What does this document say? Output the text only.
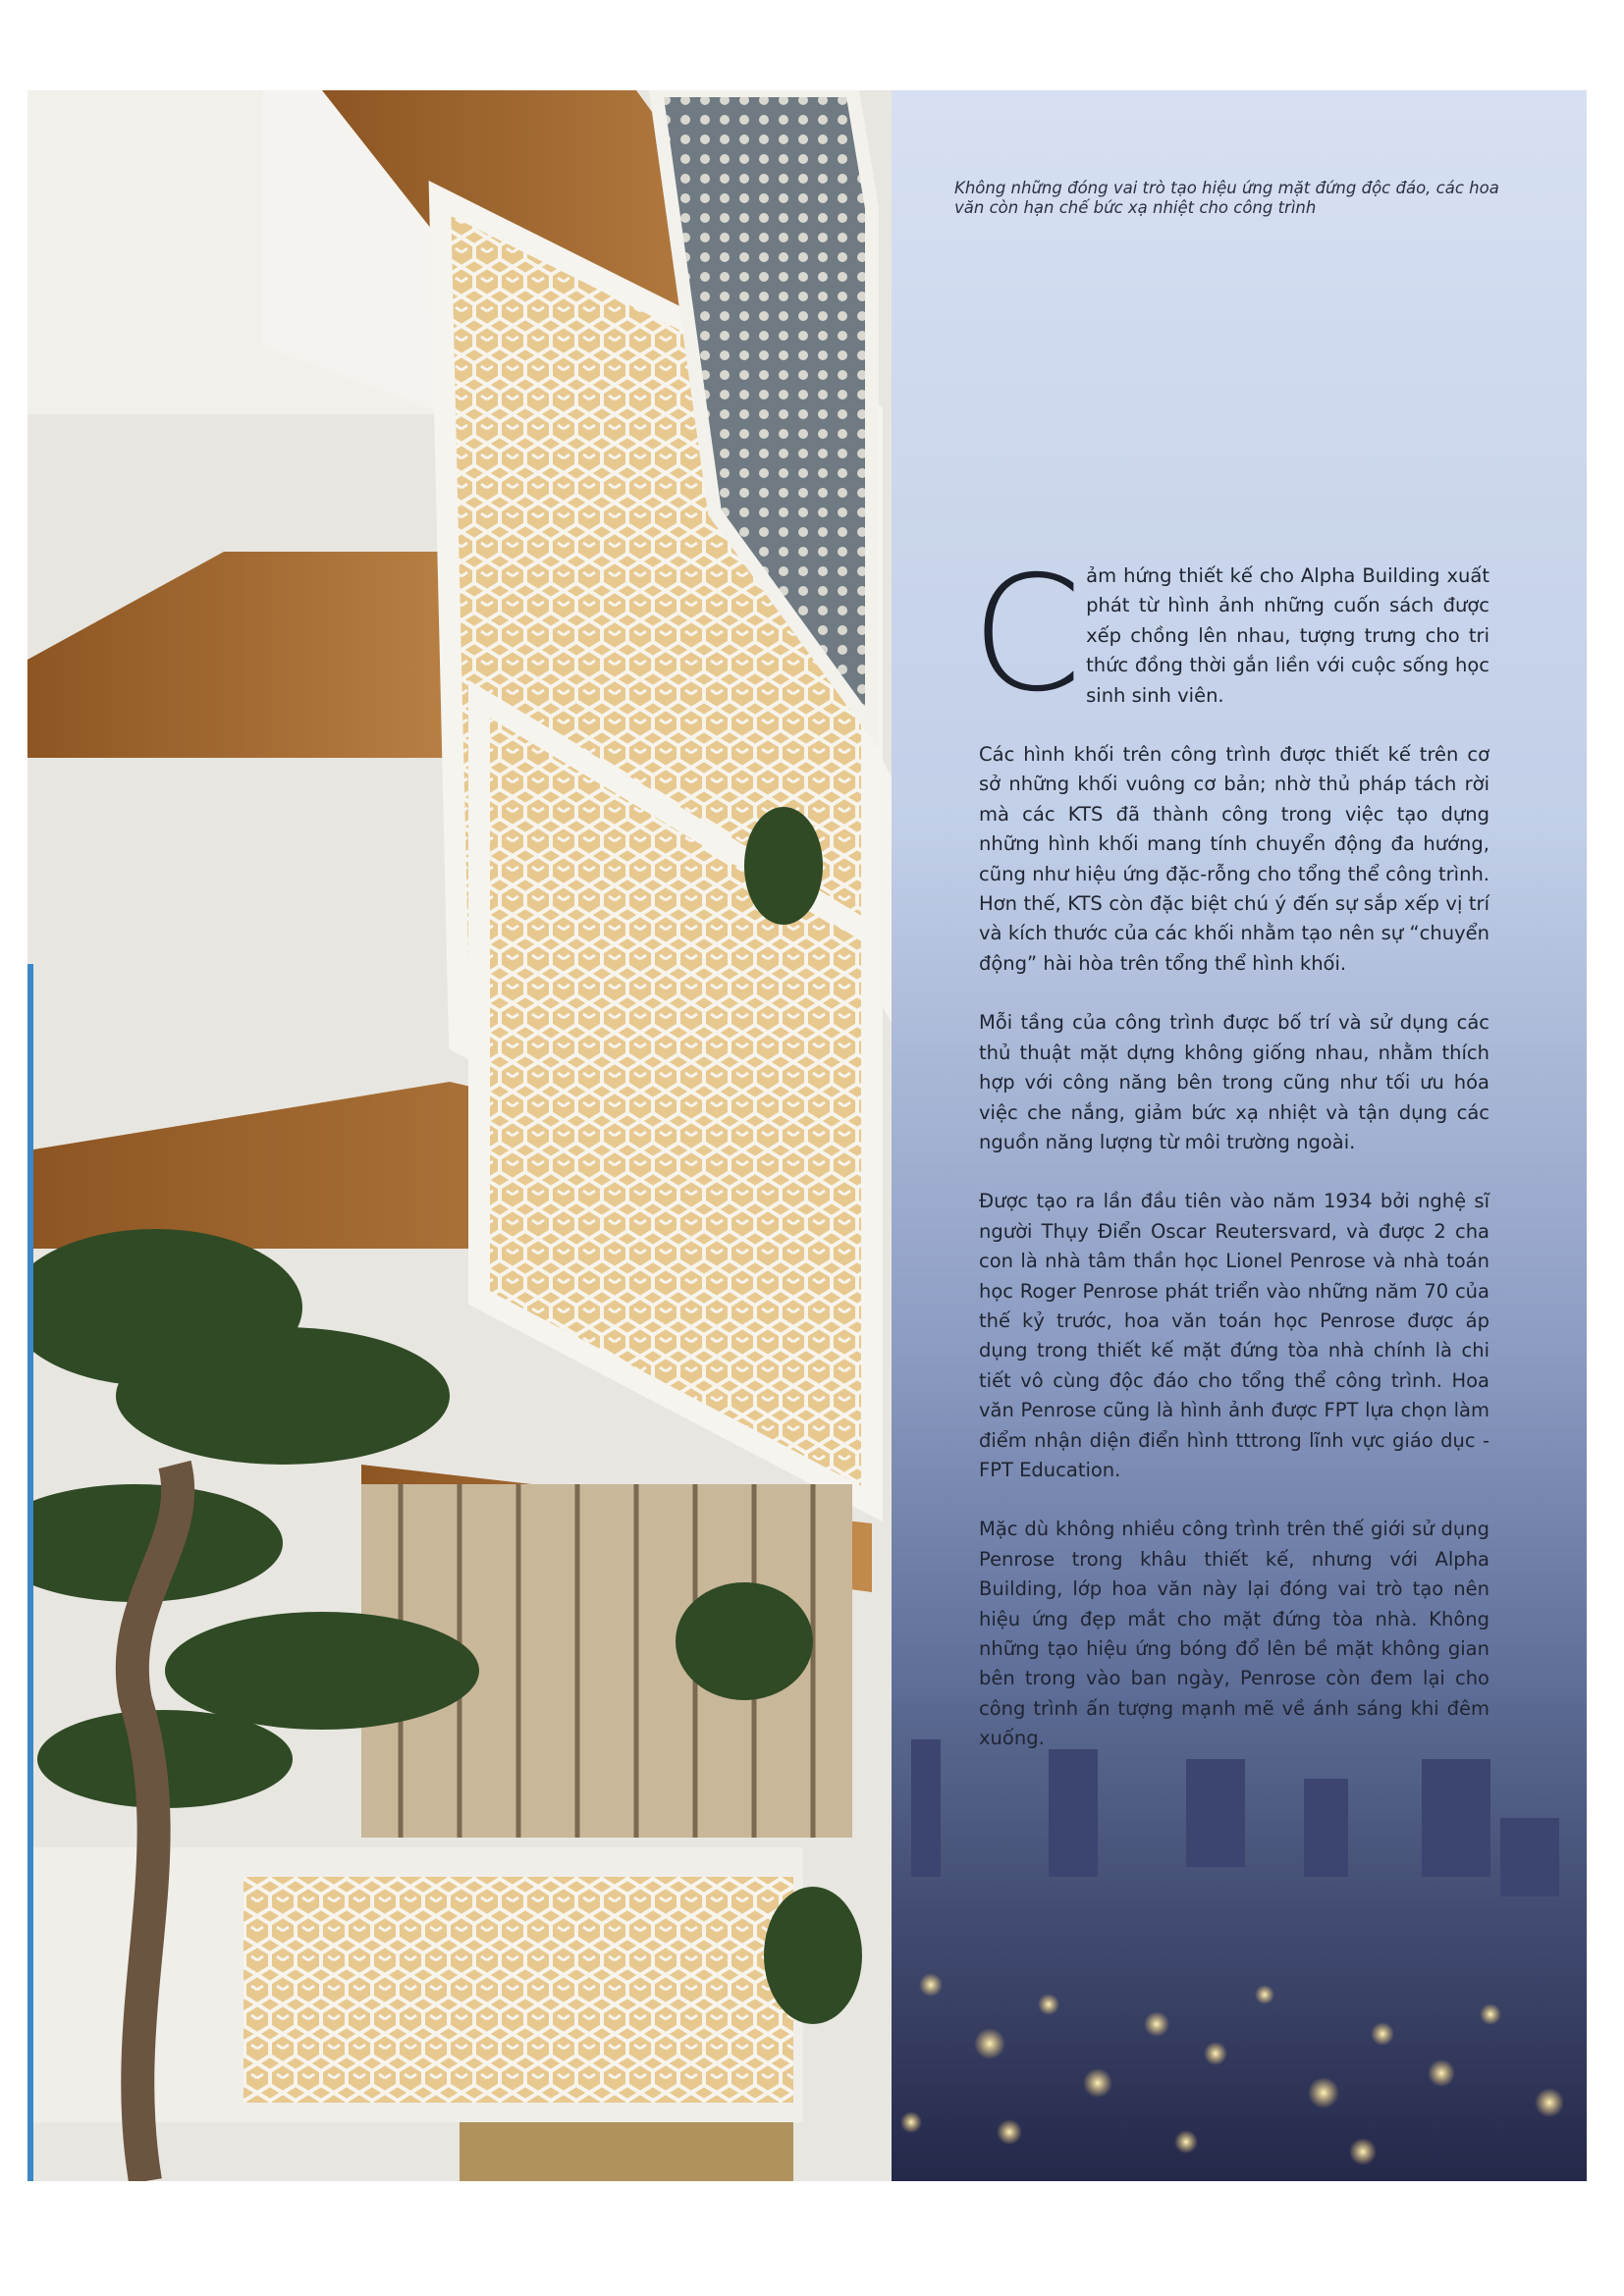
Không những đóng vai trò tạo hiệu ứng mặt đứng độc đáo, các hoa văn còn hạn chế bức xạ nhiệt cho công trình

Cảm hứng thiết kế cho Alpha Building xuất phát từ hình ảnh những cuốn sách được xếp chồng lên nhau, tượng trưng cho tri thức đồng thời gắn liền với cuộc sống học sinh sinh viên.

Các hình khối trên công trình được thiết kế trên cơ sở những khối vuông cơ bản; nhờ thủ pháp tách rời mà các KTS đã thành công trong việc tạo dựng những hình khối mang tính chuyển động đa hướng, cũng như hiệu ứng đặc-rỗng cho tổng thể công trình. Hơn thế, KTS còn đặc biệt chú ý đến sự sắp xếp vị trí và kích thước của các khối nhằm tạo nên sự “chuyển động” hài hòa trên tổng thể hình khối.

Mỗi tầng của công trình được bố trí và sử dụng các thủ thuật mặt dựng không giống nhau, nhằm thích hợp với công năng bên trong cũng như tối ưu hóa việc che nắng, giảm bức xạ nhiệt và tận dụng các nguồn năng lượng từ môi trường ngoài.

Được tạo ra lần đầu tiên vào năm 1934 bởi nghệ sĩ người Thụy Điển Oscar Reutersvard, và được 2 cha con là nhà tâm thần học Lionel Penrose và nhà toán học Roger Penrose phát triển vào những năm 70 của thế kỷ trước, hoa văn toán học Penrose được áp dụng trong thiết kế mặt đứng tòa nhà chính là chi tiết vô cùng độc đáo cho tổng thể công trình. Hoa văn Penrose cũng là hình ảnh được FPT lựa chọn làm điểm nhận diện điển hình tttrong lĩnh vực giáo dục - FPT Education.

Mặc dù không nhiều công trình trên thế giới sử dụng Penrose trong khâu thiết kế, nhưng với Alpha Building, lớp hoa văn này lại đóng vai trò tạo nên hiệu ứng đẹp mắt cho mặt đứng tòa nhà. Không những tạo hiệu ứng bóng đổ lên bề mặt không gian bên trong vào ban ngày, Penrose còn đem lại cho công trình ấn tượng mạnh mẽ về ánh sáng khi đêm xuống.
